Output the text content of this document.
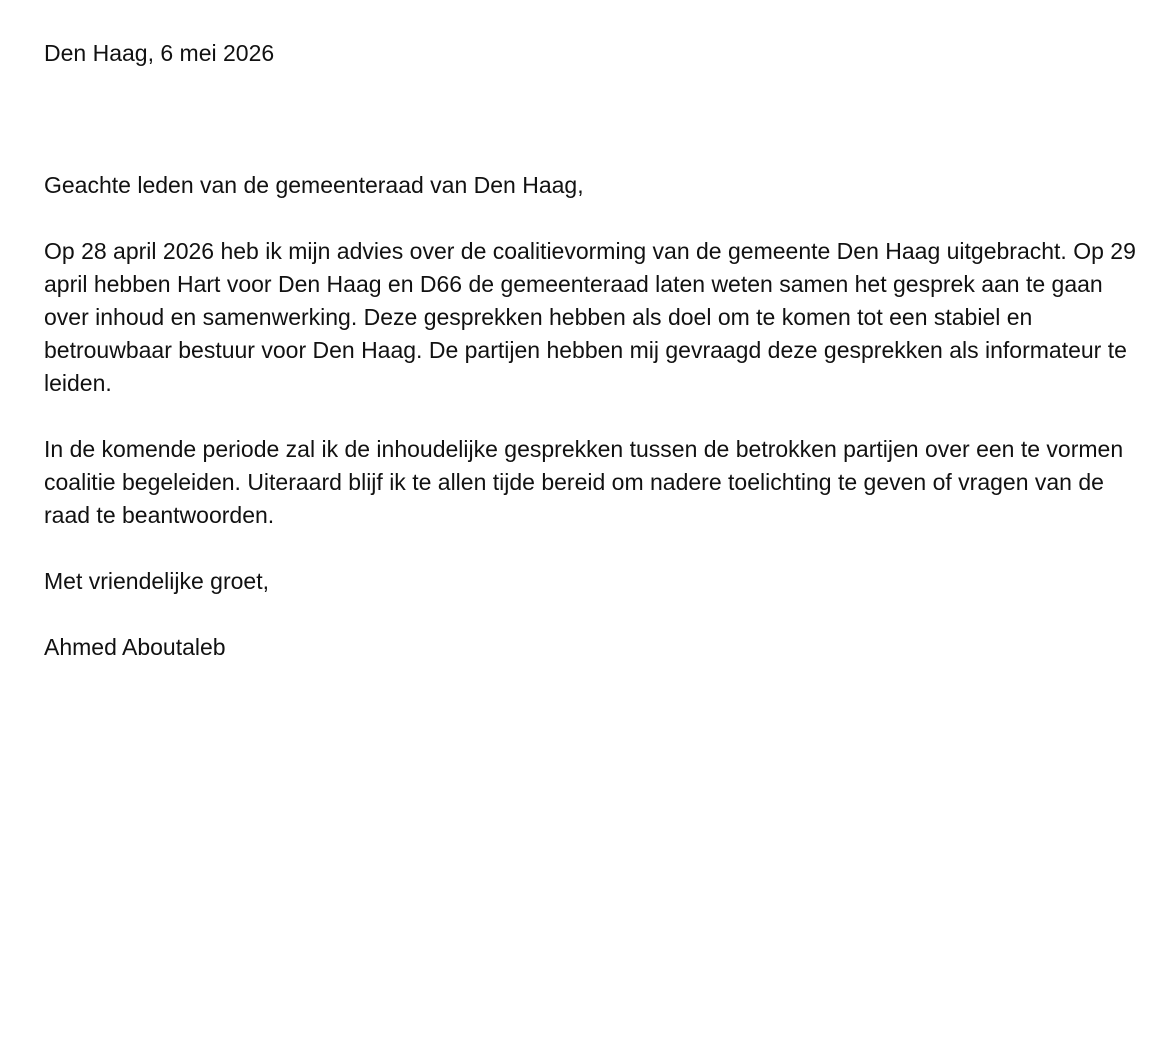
Den Haag, 6 mei 2026

Geachte leden van de gemeenteraad van Den Haag,

Op 28 april 2026 heb ik mijn advies over de coalitievorming van de gemeente Den Haag uitgebracht. Op 29 april hebben Hart voor Den Haag en D66 de gemeenteraad laten weten samen het gesprek aan te gaan over inhoud en samenwerking. Deze gesprekken hebben als doel om te komen tot een stabiel en betrouwbaar bestuur voor Den Haag. De partijen hebben mij gevraagd deze gesprekken als informateur te leiden.

In de komende periode zal ik de inhoudelijke gesprekken tussen de betrokken partijen over een te vormen coalitie begeleiden. Uiteraard blijf ik te allen tijde bereid om nadere toelichting te geven of vragen van de raad te beantwoorden.

Met vriendelijke groet,

Ahmed Aboutaleb
